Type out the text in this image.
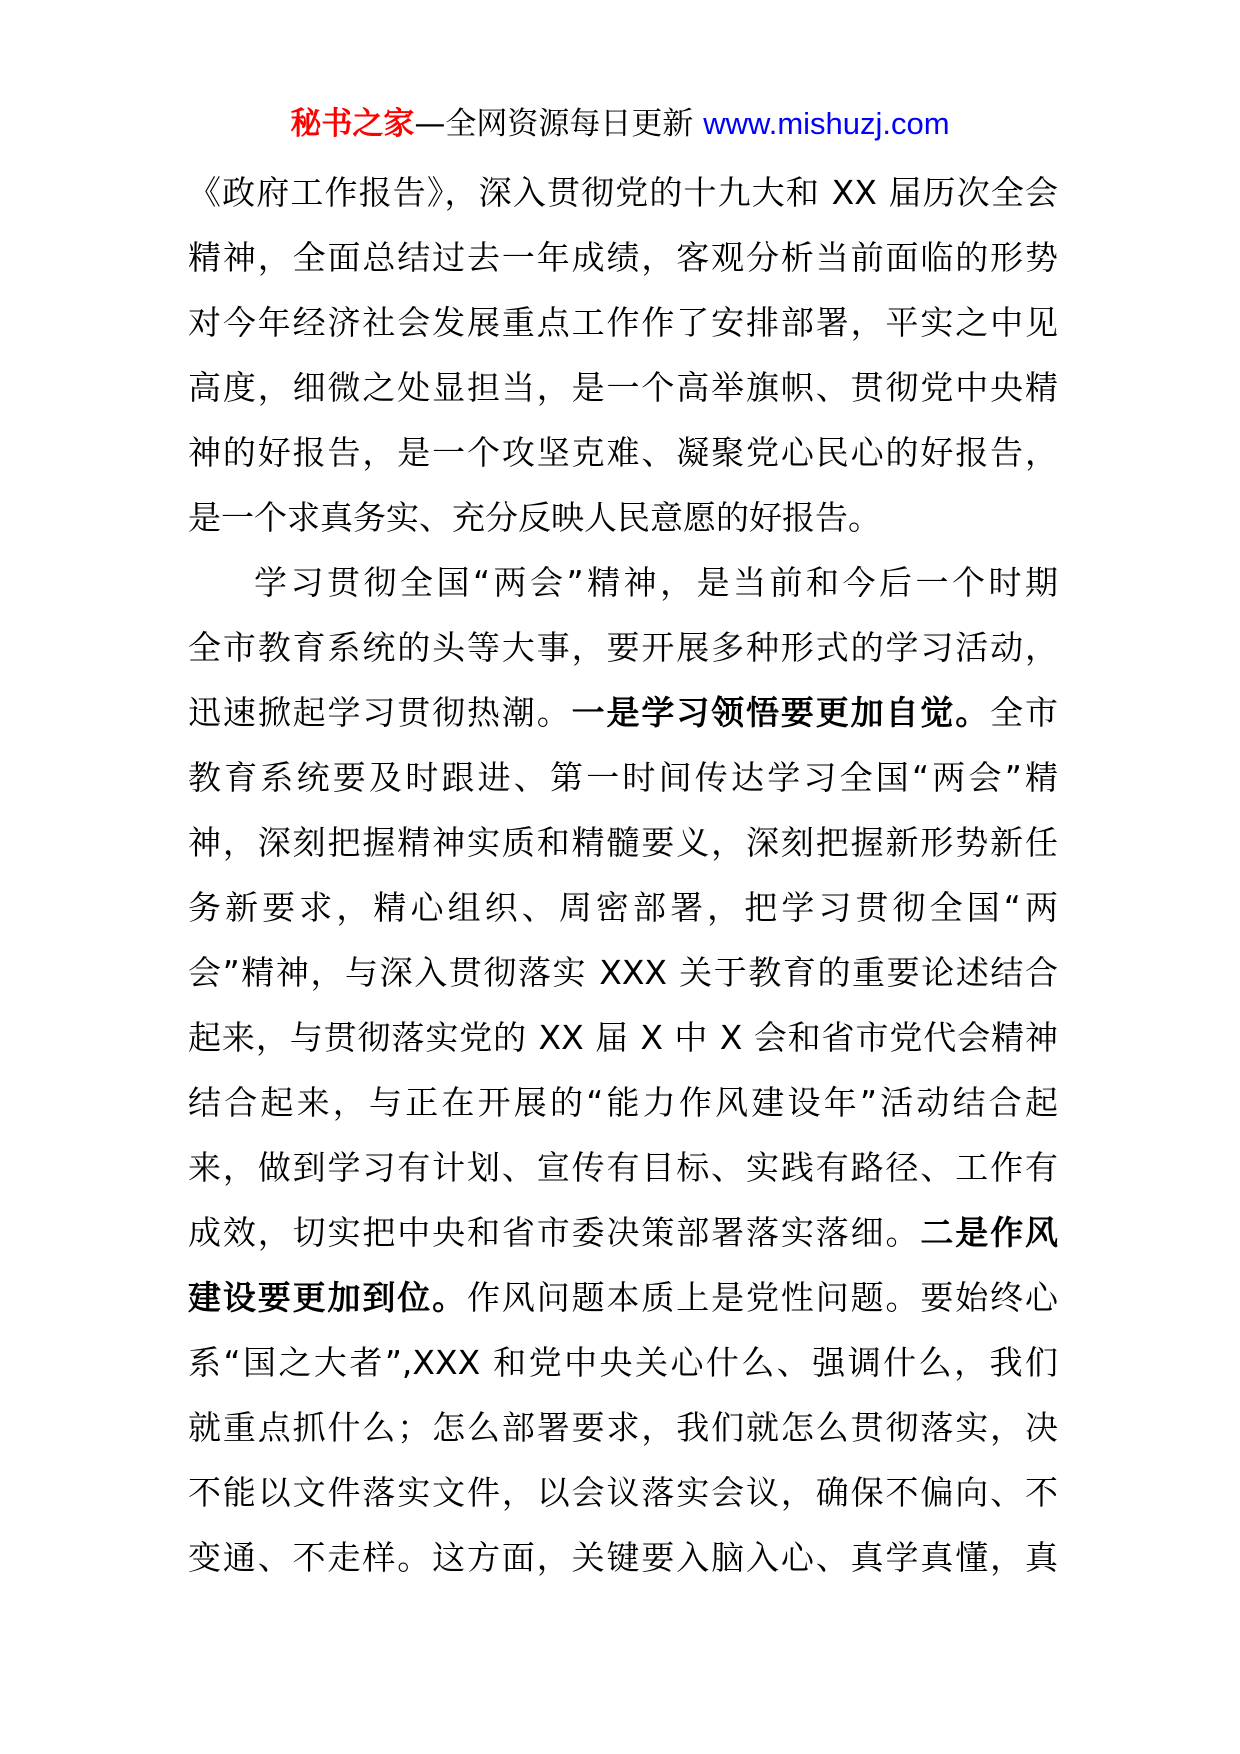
秘书之家—全网资源每日更新 www.mishuzj.com
《政府工作报告》，深入贯彻党的十九大和 XX 届历次全会
精神，全面总结过去一年成绩，客观分析当前面临的形势
对今年经济社会发展重点工作作了安排部署，平实之中见
高度，细微之处显担当，是一个高举旗帜、贯彻党中央精
神的好报告，是一个攻坚克难、凝聚党心民心的好报告，
是一个求真务实、充分反映人民意愿的好报告。
学习贯彻全国“两会”精神，是当前和今后一个时期
全市教育系统的头等大事，要开展多种形式的学习活动，
迅速掀起学习贯彻热潮。一是学习领悟要更加自觉。全市
教育系统要及时跟进、第一时间传达学习全国“两会”精
神，深刻把握精神实质和精髓要义，深刻把握新形势新任
务新要求，精心组织、周密部署，把学习贯彻全国“两
会”精神，与深入贯彻落实 XXX 关于教育的重要论述结合
起来，与贯彻落实党的 XX 届 X 中 X 会和省市党代会精神
结合起来，与正在开展的“能力作风建设年”活动结合起
来，做到学习有计划、宣传有目标、实践有路径、工作有
成效，切实把中央和省市委决策部署落实落细。二是作风
建设要更加到位。作风问题本质上是党性问题。要始终心
系“国之大者”,XXX 和党中央关心什么、强调什么，我们
就重点抓什么；怎么部署要求，我们就怎么贯彻落实，决
不能以文件落实文件，以会议落实会议，确保不偏向、不
变通、不走样。这方面，关键要入脑入心、真学真懂，真
